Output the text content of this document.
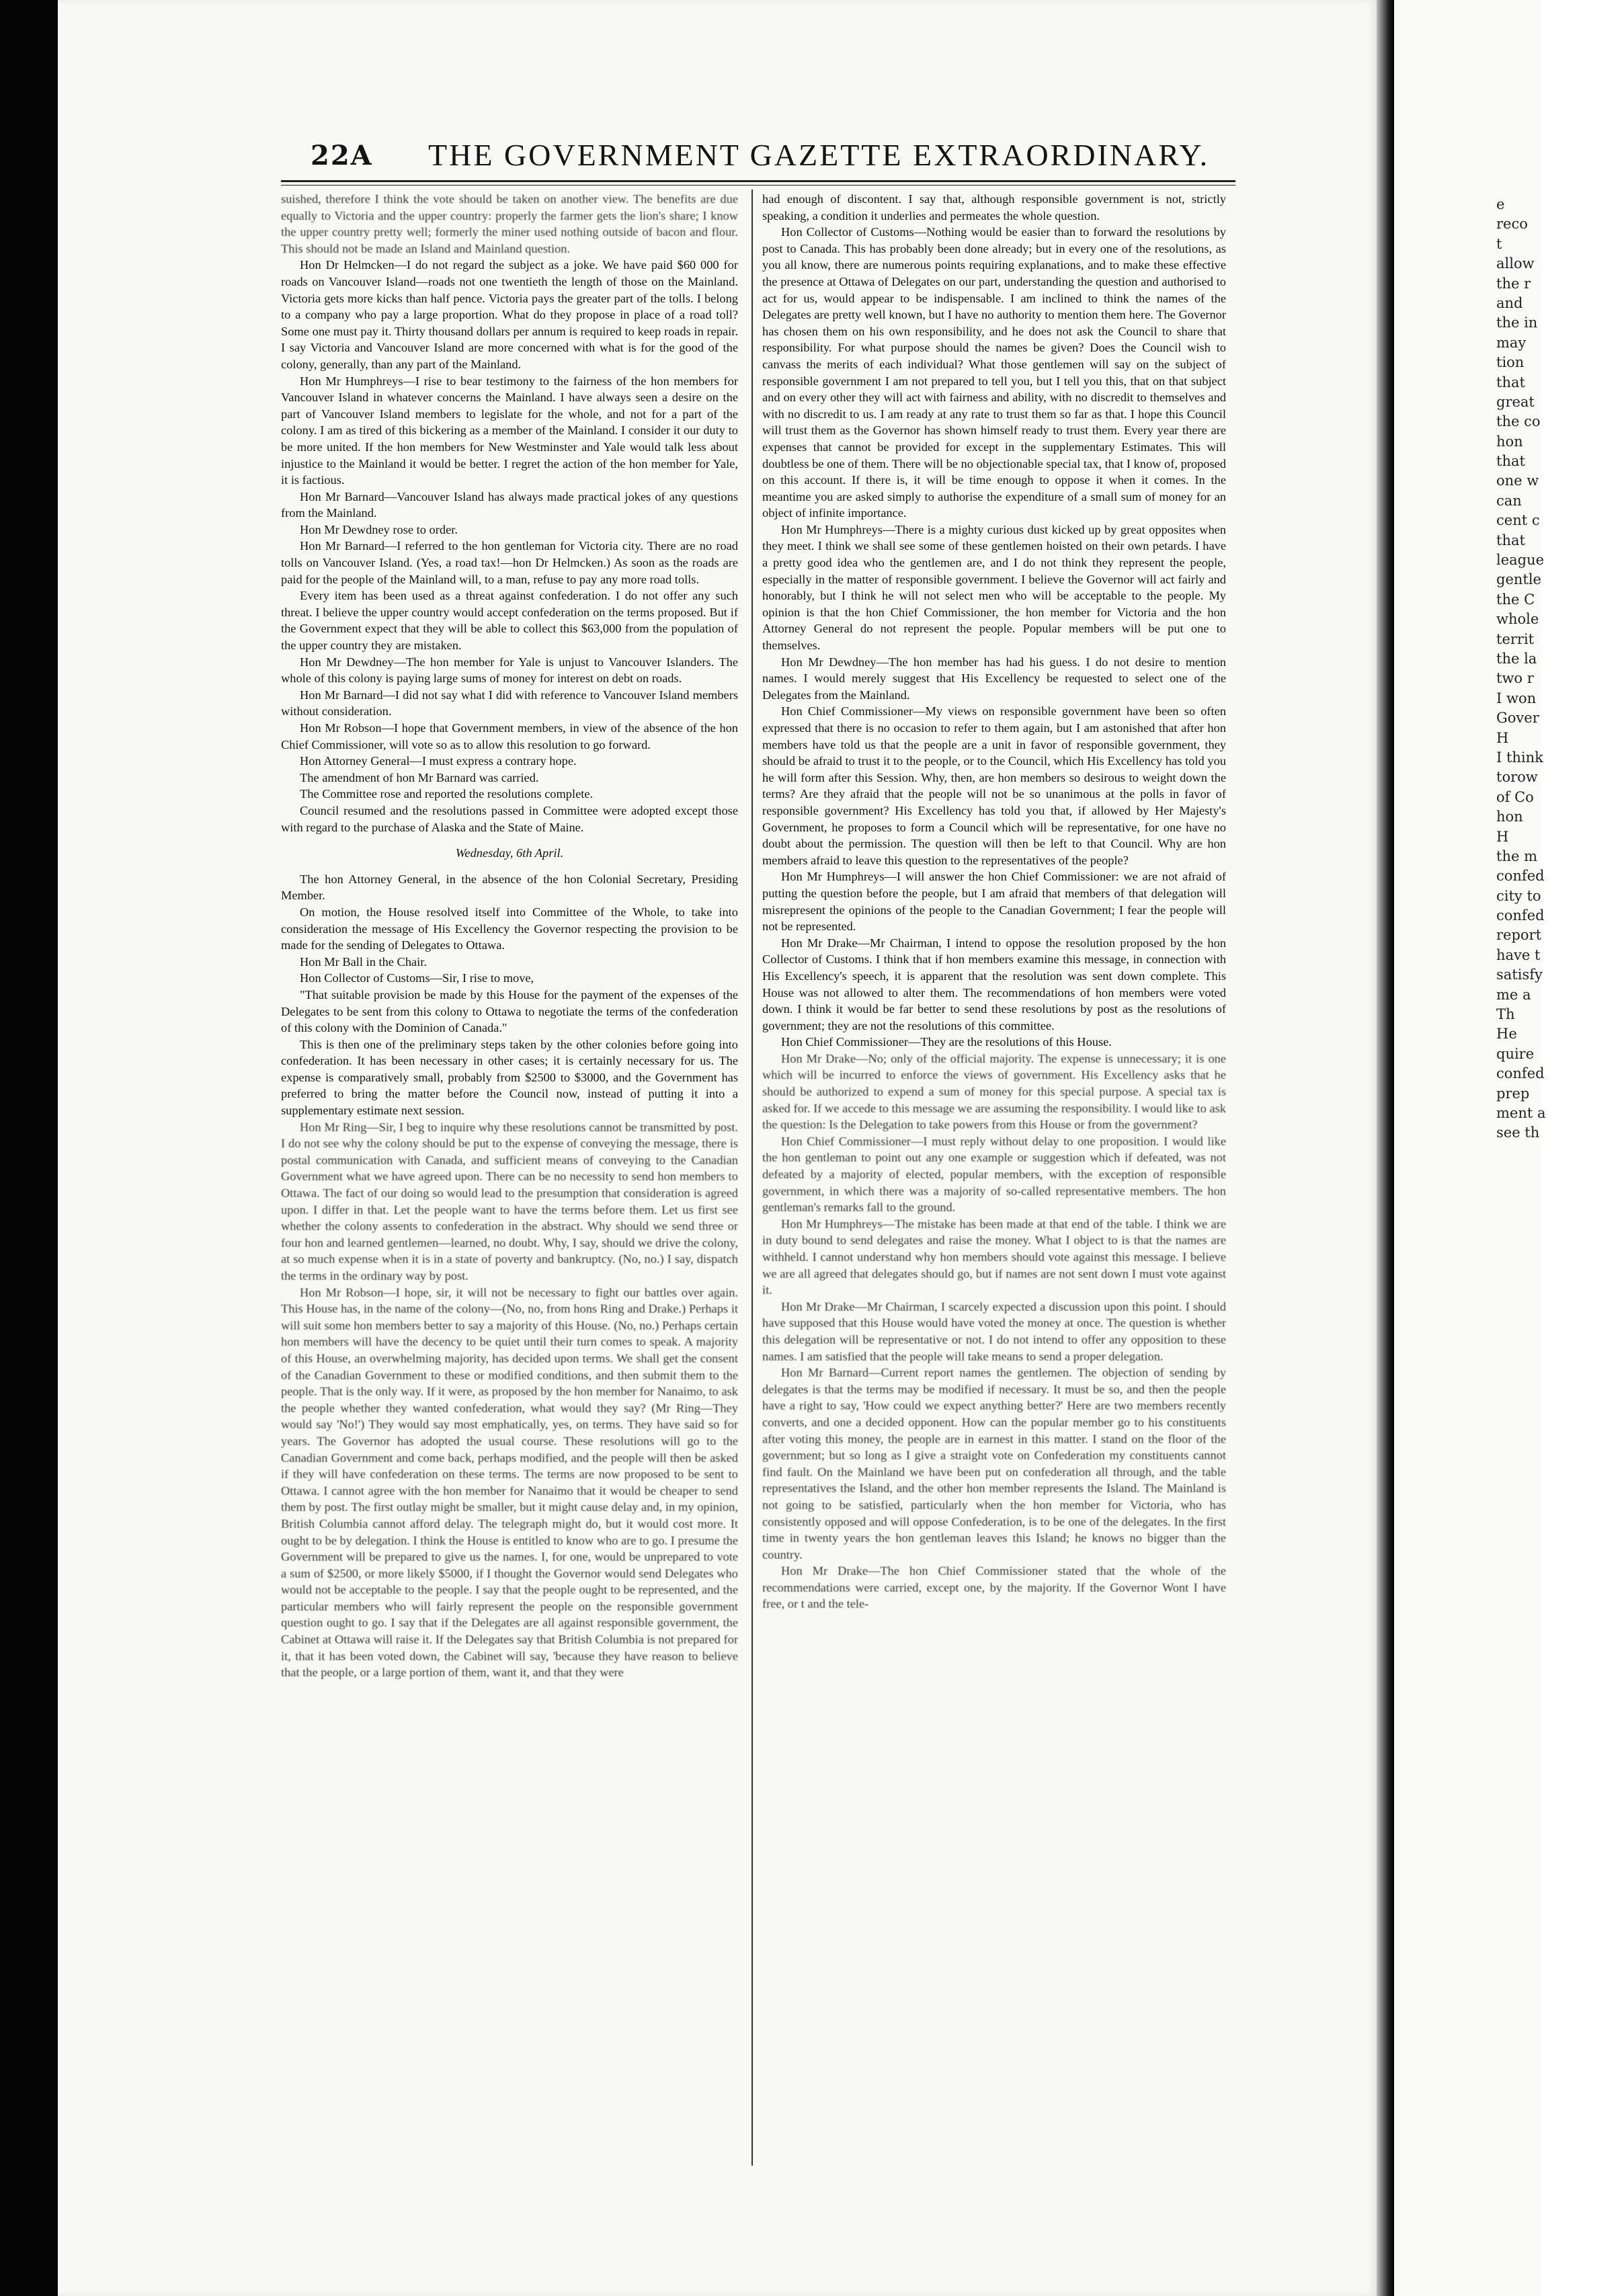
22A THE GOVERNMENT GAZETTE EXTRAORDINARY.

suished, therefore I think the vote should be taken on another view. The benefits are due equally to Victoria and the upper country: properly the farmer gets the lion's share; I know the upper country pretty well; formerly the miner used nothing outside of bacon and flour. This should not be made an Island and Mainland question.

Hon Dr Helmcken—I do not regard the subject as a joke. We have paid $60 000 for roads on Vancouver Island—roads not one twentieth the length of those on the Mainland. Victoria gets more kicks than half pence. Victoria pays the greater part of the tolls. I belong to a company who pay a large proportion. What do they propose in place of a road toll? Some one must pay it. Thirty thousand dollars per annum is required to keep roads in repair. I say Victoria and Vancouver Island are more concerned with what is for the good of the colony, generally, than any part of the Mainland.

Hon Mr Humphreys—I rise to bear testimony to the fairness of the hon members for Vancouver Island in whatever concerns the Mainland. I have always seen a desire on the part of Vancouver Island members to legislate for the whole, and not for a part of the colony. I am as tired of this bickering as a member of the Mainland. I consider it our duty to be more united. If the hon members for New Westminster and Yale would talk less about injustice to the Mainland it would be better. I regret the action of the hon member for Yale, it is factious.

Hon Mr Barnard—Vancouver Island has always made practical jokes of any questions from the Mainland.

Hon Mr Dewdney rose to order.

Hon Mr Barnard—I referred to the hon gentleman for Victoria city. There are no road tolls on Vancouver Island. (Yes, a road tax!—hon Dr Helmcken.) As soon as the roads are paid for the people of the Mainland will, to a man, refuse to pay any more road tolls.

Every item has been used as a threat against confederation. I do not offer any such threat. I believe the upper country would accept confederation on the terms proposed. But if the Government expect that they will be able to collect this $63,000 from the population of the upper country they are mistaken.

Hon Mr Dewdney—The hon member for Yale is unjust to Vancouver Islanders. The whole of this colony is paying large sums of money for interest on debt on roads.

Hon Mr Barnard—I did not say what I did with reference to Vancouver Island members without consideration.

Hon Mr Robson—I hope that Government members, in view of the absence of the hon Chief Commissioner, will vote so as to allow this resolution to go forward.

Hon Attorney General—I must express a contrary hope.

The amendment of hon Mr Barnard was carried.

The Committee rose and reported the resolutions complete.

Council resumed and the resolutions passed in Committee were adopted except those with regard to the purchase of Alaska and the State of Maine.

Wednesday, 6th April.

The hon Attorney General, in the absence of the hon Colonial Secretary, Presiding Member.

On motion, the House resolved itself into Committee of the Whole, to take into consideration the message of His Excellency the Governor respecting the provision to be made for the sending of Delegates to Ottawa.

Hon Mr Ball in the Chair.

Hon Collector of Customs—Sir, I rise to move,

"That suitable provision be made by this House for the payment of the expenses of the Delegates to be sent from this colony to Ottawa to negotiate the terms of the confederation of this colony with the Dominion of Canada."

This is then one of the preliminary steps taken by the other colonies before going into confederation. It has been necessary in other cases; it is certainly necessary for us. The expense is comparatively small, probably from $2500 to $3000, and the Government has preferred to bring the matter before the Council now, instead of putting it into a supplementary estimate next session.

Hon Mr Ring—Sir, I beg to inquire why these resolutions cannot be transmitted by post. I do not see why the colony should be put to the expense of conveying the message, there is postal communication with Canada, and sufficient means of conveying to the Canadian Government what we have agreed upon. There can be no necessity to send hon members to Ottawa. The fact of our doing so would lead to the presumption that consideration is agreed upon. I differ in that. Let the people want to have the terms before them. Let us first see whether the colony assents to confederation in the abstract. Why should we send three or four hon and learned gentlemen—learned, no doubt. Why, I say, should we drive the colony, at so much expense when it is in a state of poverty and bankruptcy. (No, no.) I say, dispatch the terms in the ordinary way by post.

Hon Mr Robson—I hope, sir, it will not be necessary to fight our battles over again. This House has, in the name of the colony—(No, no, from hons Ring and Drake.) Perhaps it will suit some hon members better to say a majority of this House. (No, no.) Perhaps certain hon members will have the decency to be quiet until their turn comes to speak. A majority of this House, an overwhelming majority, has decided upon terms. We shall get the consent of the Canadian Government to these or modified conditions, and then submit them to the people. That is the only way. If it were, as proposed by the hon member for Nanaimo, to ask the people whether they wanted confederation, what would they say? (Mr Ring—They would say 'No!') They would say most emphatically, yes, on terms. They have said so for years. The Governor has adopted the usual course. These resolutions will go to the Canadian Government and come back, perhaps modified, and the people will then be asked if they will have confederation on these terms. The terms are now proposed to be sent to Ottawa. I cannot agree with the hon member for Nanaimo that it would be cheaper to send them by post. The first outlay might be smaller, but it might cause delay and, in my opinion, British Columbia cannot afford delay. The telegraph might do, but it would cost more. It ought to be by delegation. I think the House is entitled to know who are to go. I presume the Government will be prepared to give us the names. I, for one, would be unprepared to vote a sum of $2500, or more likely $5000, if I thought the Governor would send Delegates who would not be acceptable to the people. I say that the people ought to be represented, and the particular members who will fairly represent the people on the responsible government question ought to go. I say that if the Delegates are all against responsible government, the Cabinet at Ottawa will raise it. If the Delegates say that British Columbia is not prepared for it, that it has been voted down, the Cabinet will say, 'because they have reason to believe that the people, or a large portion of them, want it, and that they were

had enough of discontent. I say that, although responsible government is not, strictly speaking, a condition it underlies and permeates the whole question.

Hon Collector of Customs—Nothing would be easier than to forward the resolutions by post to Canada. This has probably been done already; but in every one of the resolutions, as you all know, there are numerous points requiring explanations, and to make these effective the presence at Ottawa of Delegates on our part, understanding the question and authorised to act for us, would appear to be indispensable. I am inclined to think the names of the Delegates are pretty well known, but I have no authority to mention them here. The Governor has chosen them on his own responsibility, and he does not ask the Council to share that responsibility. For what purpose should the names be given? Does the Council wish to canvass the merits of each individual? What those gentlemen will say on the subject of responsible government I am not prepared to tell you, but I tell you this, that on that subject and on every other they will act with fairness and ability, with no discredit to themselves and with no discredit to us. I am ready at any rate to trust them so far as that. I hope this Council will trust them as the Governor has shown himself ready to trust them. Every year there are expenses that cannot be provided for except in the supplementary Estimates. This will doubtless be one of them. There will be no objectionable special tax, that I know of, proposed on this account. If there is, it will be time enough to oppose it when it comes. In the meantime you are asked simply to authorise the expenditure of a small sum of money for an object of infinite importance.

Hon Mr Humphreys—There is a mighty curious dust kicked up by great opposites when they meet. I think we shall see some of these gentlemen hoisted on their own petards. I have a pretty good idea who the gentlemen are, and I do not think they represent the people, especially in the matter of responsible government. I believe the Governor will act fairly and honorably, but I think he will not select men who will be acceptable to the people. My opinion is that the hon Chief Commissioner, the hon member for Victoria and the hon Attorney General do not represent the people. Popular members will be put one to themselves.

Hon Mr Dewdney—The hon member has had his guess. I do not desire to mention names. I would merely suggest that His Excellency be requested to select one of the Delegates from the Mainland.

Hon Chief Commissioner—My views on responsible government have been so often expressed that there is no occasion to refer to them again, but I am astonished that after hon members have told us that the people are a unit in favor of responsible government, they should be afraid to trust it to the people, or to the Council, which His Excellency has told you he will form after this Session. Why, then, are hon members so desirous to weight down the terms? Are they afraid that the people will not be so unanimous at the polls in favor of responsible government? His Excellency has told you that, if allowed by Her Majesty's Government, he proposes to form a Council which will be representative, for one have no doubt about the permission. The question will then be left to that Council. Why are hon members afraid to leave this question to the representatives of the people?

Hon Mr Humphreys—I will answer the hon Chief Commissioner: we are not afraid of putting the question before the people, but I am afraid that members of that delegation will misrepresent the opinions of the people to the Canadian Government; I fear the people will not be represented.

Hon Mr Drake—Mr Chairman, I intend to oppose the resolution proposed by the hon Collector of Customs. I think that if hon members examine this message, in connection with His Excellency's speech, it is apparent that the resolution was sent down complete. This House was not allowed to alter them. The recommendations of hon members were voted down. I think it would be far better to send these resolutions by post as the resolutions of government; they are not the resolutions of this committee.

Hon Chief Commissioner—They are the resolutions of this House.

Hon Mr Drake—No; only of the official majority. The expense is unnecessary; it is one which will be incurred to enforce the views of government. His Excellency asks that he should be authorized to expend a sum of money for this special purpose. A special tax is asked for. If we accede to this message we are assuming the responsibility. I would like to ask the question: Is the Delegation to take powers from this House or from the government?

Hon Chief Commissioner—I must reply without delay to one proposition. I would like the hon gentleman to point out any one example or suggestion which if defeated, was not defeated by a majority of elected, popular members, with the exception of responsible government, in which there was a majority of so-called representative members. The hon gentleman's remarks fall to the ground.

Hon Mr Humphreys—The mistake has been made at that end of the table. I think we are in duty bound to send delegates and raise the money. What I object to is that the names are withheld. I cannot understand why hon members should vote against this message. I believe we are all agreed that delegates should go, but if names are not sent down I must vote against it.

Hon Mr Drake—Mr Chairman, I scarcely expected a discussion upon this point. I should have supposed that this House would have voted the money at once. The question is whether this delegation will be representative or not. I do not intend to offer any opposition to these names. I am satisfied that the people will take means to send a proper delegation.

Hon Mr Barnard—Current report names the gentlemen. The objection of sending by delegates is that the terms may be modified if necessary. It must be so, and then the people have a right to say, 'How could we expect anything better?' Here are two members recently converts, and one a decided opponent. How can the popular member go to his constituents after voting this money, the people are in earnest in this matter. I stand on the floor of the government; but so long as I give a straight vote on Confederation my constituents cannot find fault. On the Mainland we have been put on confederation all through, and the table representatives the Island, and the other hon member represents the Island. The Mainland is not going to be satisfied, particularly when the hon member for Victoria, who has consistently opposed and will oppose Confederation, is to be one of the delegates. In the first time in twenty years the hon gentleman leaves this Island; he knows no bigger than the country.

Hon Mr Drake—The hon Chief Commissioner stated that the whole of the recommendations were carried, except one, by the majority. If the Governor Wont I have free, or t and the tele-

e
reco
t
allow
the r
and
the in
may
tion
that
great
the co
hon
that
one w
can
cent c
that
league
gentle
the C
whole
territ
the la
two r
I won
Gover
H
I think
torow
of Co
hon
H
the m
confed
city to
confed
report
have t
satisfy
me a
Th
He
quire
confed
prep
ment a
see th
